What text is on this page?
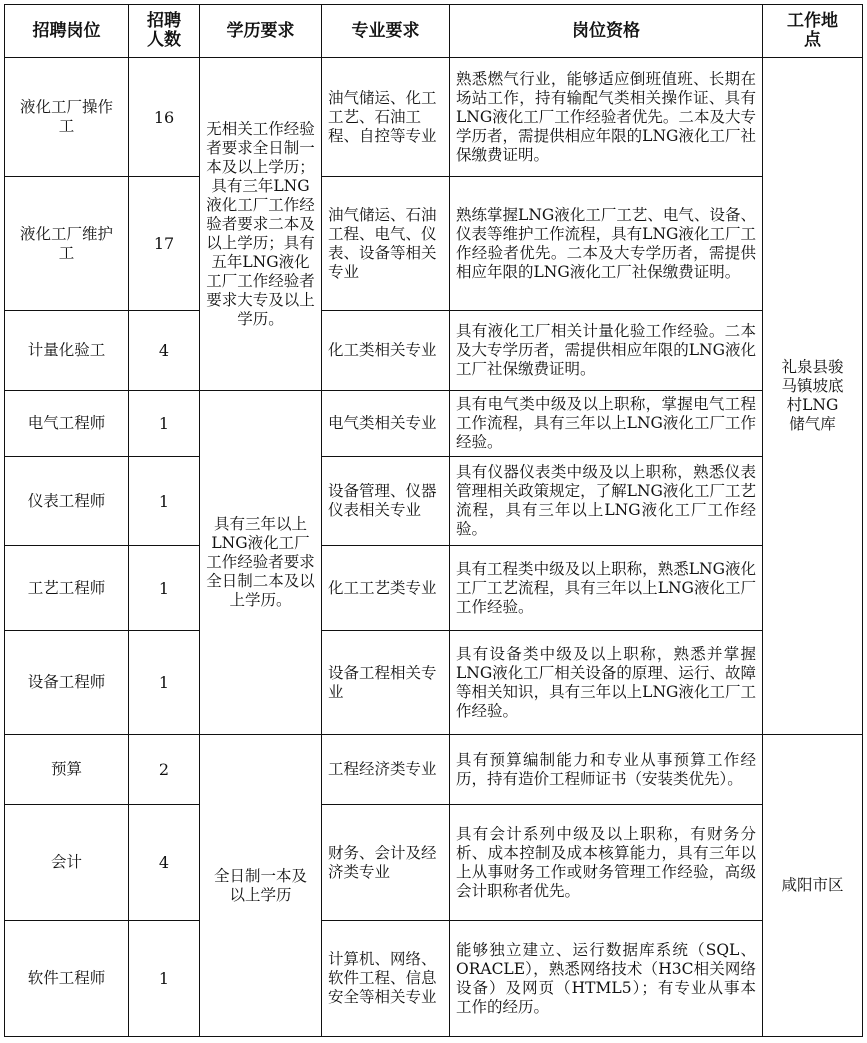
招聘岗位	招聘人数	学历要求	专业要求	岗位资格	工作地点
液化工厂操作工	16	无相关工作经验者要求全日制一本及以上学历；具有三年LNG液化工厂工作经验者要求二本及以上学历；具有五年LNG液化工厂工作经验者要求大专及以上学历。	油气储运、化工工艺、石油工程、自控等专业	熟悉燃气行业，能够适应倒班值班、长期在场站工作，持有输配气类相关操作证、具有LNG液化工厂工作经验者优先。二本及大专学历者，需提供相应年限的LNG液化工厂社保缴费证明。	礼泉县骏马镇坡底村LNG储气库
液化工厂维护工	17		油气储运、石油工程、电气、仪表、设备等相关专业	熟练掌握LNG液化工厂工艺、电气、设备、仪表等维护工作流程，具有LNG液化工厂工作经验者优先。二本及大专学历者，需提供相应年限的LNG液化工厂社保缴费证明。	
计量化验工	4		化工类相关专业	具有液化工厂相关计量化验工作经验。二本及大专学历者，需提供相应年限的LNG液化工厂社保缴费证明。	
电气工程师	1	具有三年以上LNG液化工厂工作经验者要求全日制二本及以上学历。	电气类相关专业	具有电气类中级及以上职称，掌握电气工程工作流程，具有三年以上LNG液化工厂工作经验。	
仪表工程师	1		设备管理、仪器仪表相关专业	具有仪器仪表类中级及以上职称，熟悉仪表管理相关政策规定，了解LNG液化工厂工艺流程，具有三年以上LNG液化工厂工作经验。	
工艺工程师	1		化工工艺类专业	具有工程类中级及以上职称，熟悉LNG液化工厂工艺流程，具有三年以上LNG液化工厂工作经验。	
设备工程师	1		设备工程相关专业	具有设备类中级及以上职称，熟悉并掌握LNG液化工厂相关设备的原理、运行、故障等相关知识，具有三年以上LNG液化工厂工作经验。	
预算	2	全日制一本及以上学历	工程经济类专业	具有预算编制能力和专业从事预算工作经历，持有造价工程师证书（安装类优先）。	咸阳市区
会计	4		财务、会计及经济类专业	具有会计系列中级及以上职称，有财务分析、成本控制及成本核算能力，具有三年以上从事财务工作或财务管理工作经验，高级会计职称者优先。	
软件工程师	1		计算机、网络、软件工程、信息安全等相关专业	能够独立建立、运行数据库系统（SQL、ORACLE），熟悉网络技术（H3C相关网络设备）及网页（HTML5）；有专业从事本工作的经历。	
